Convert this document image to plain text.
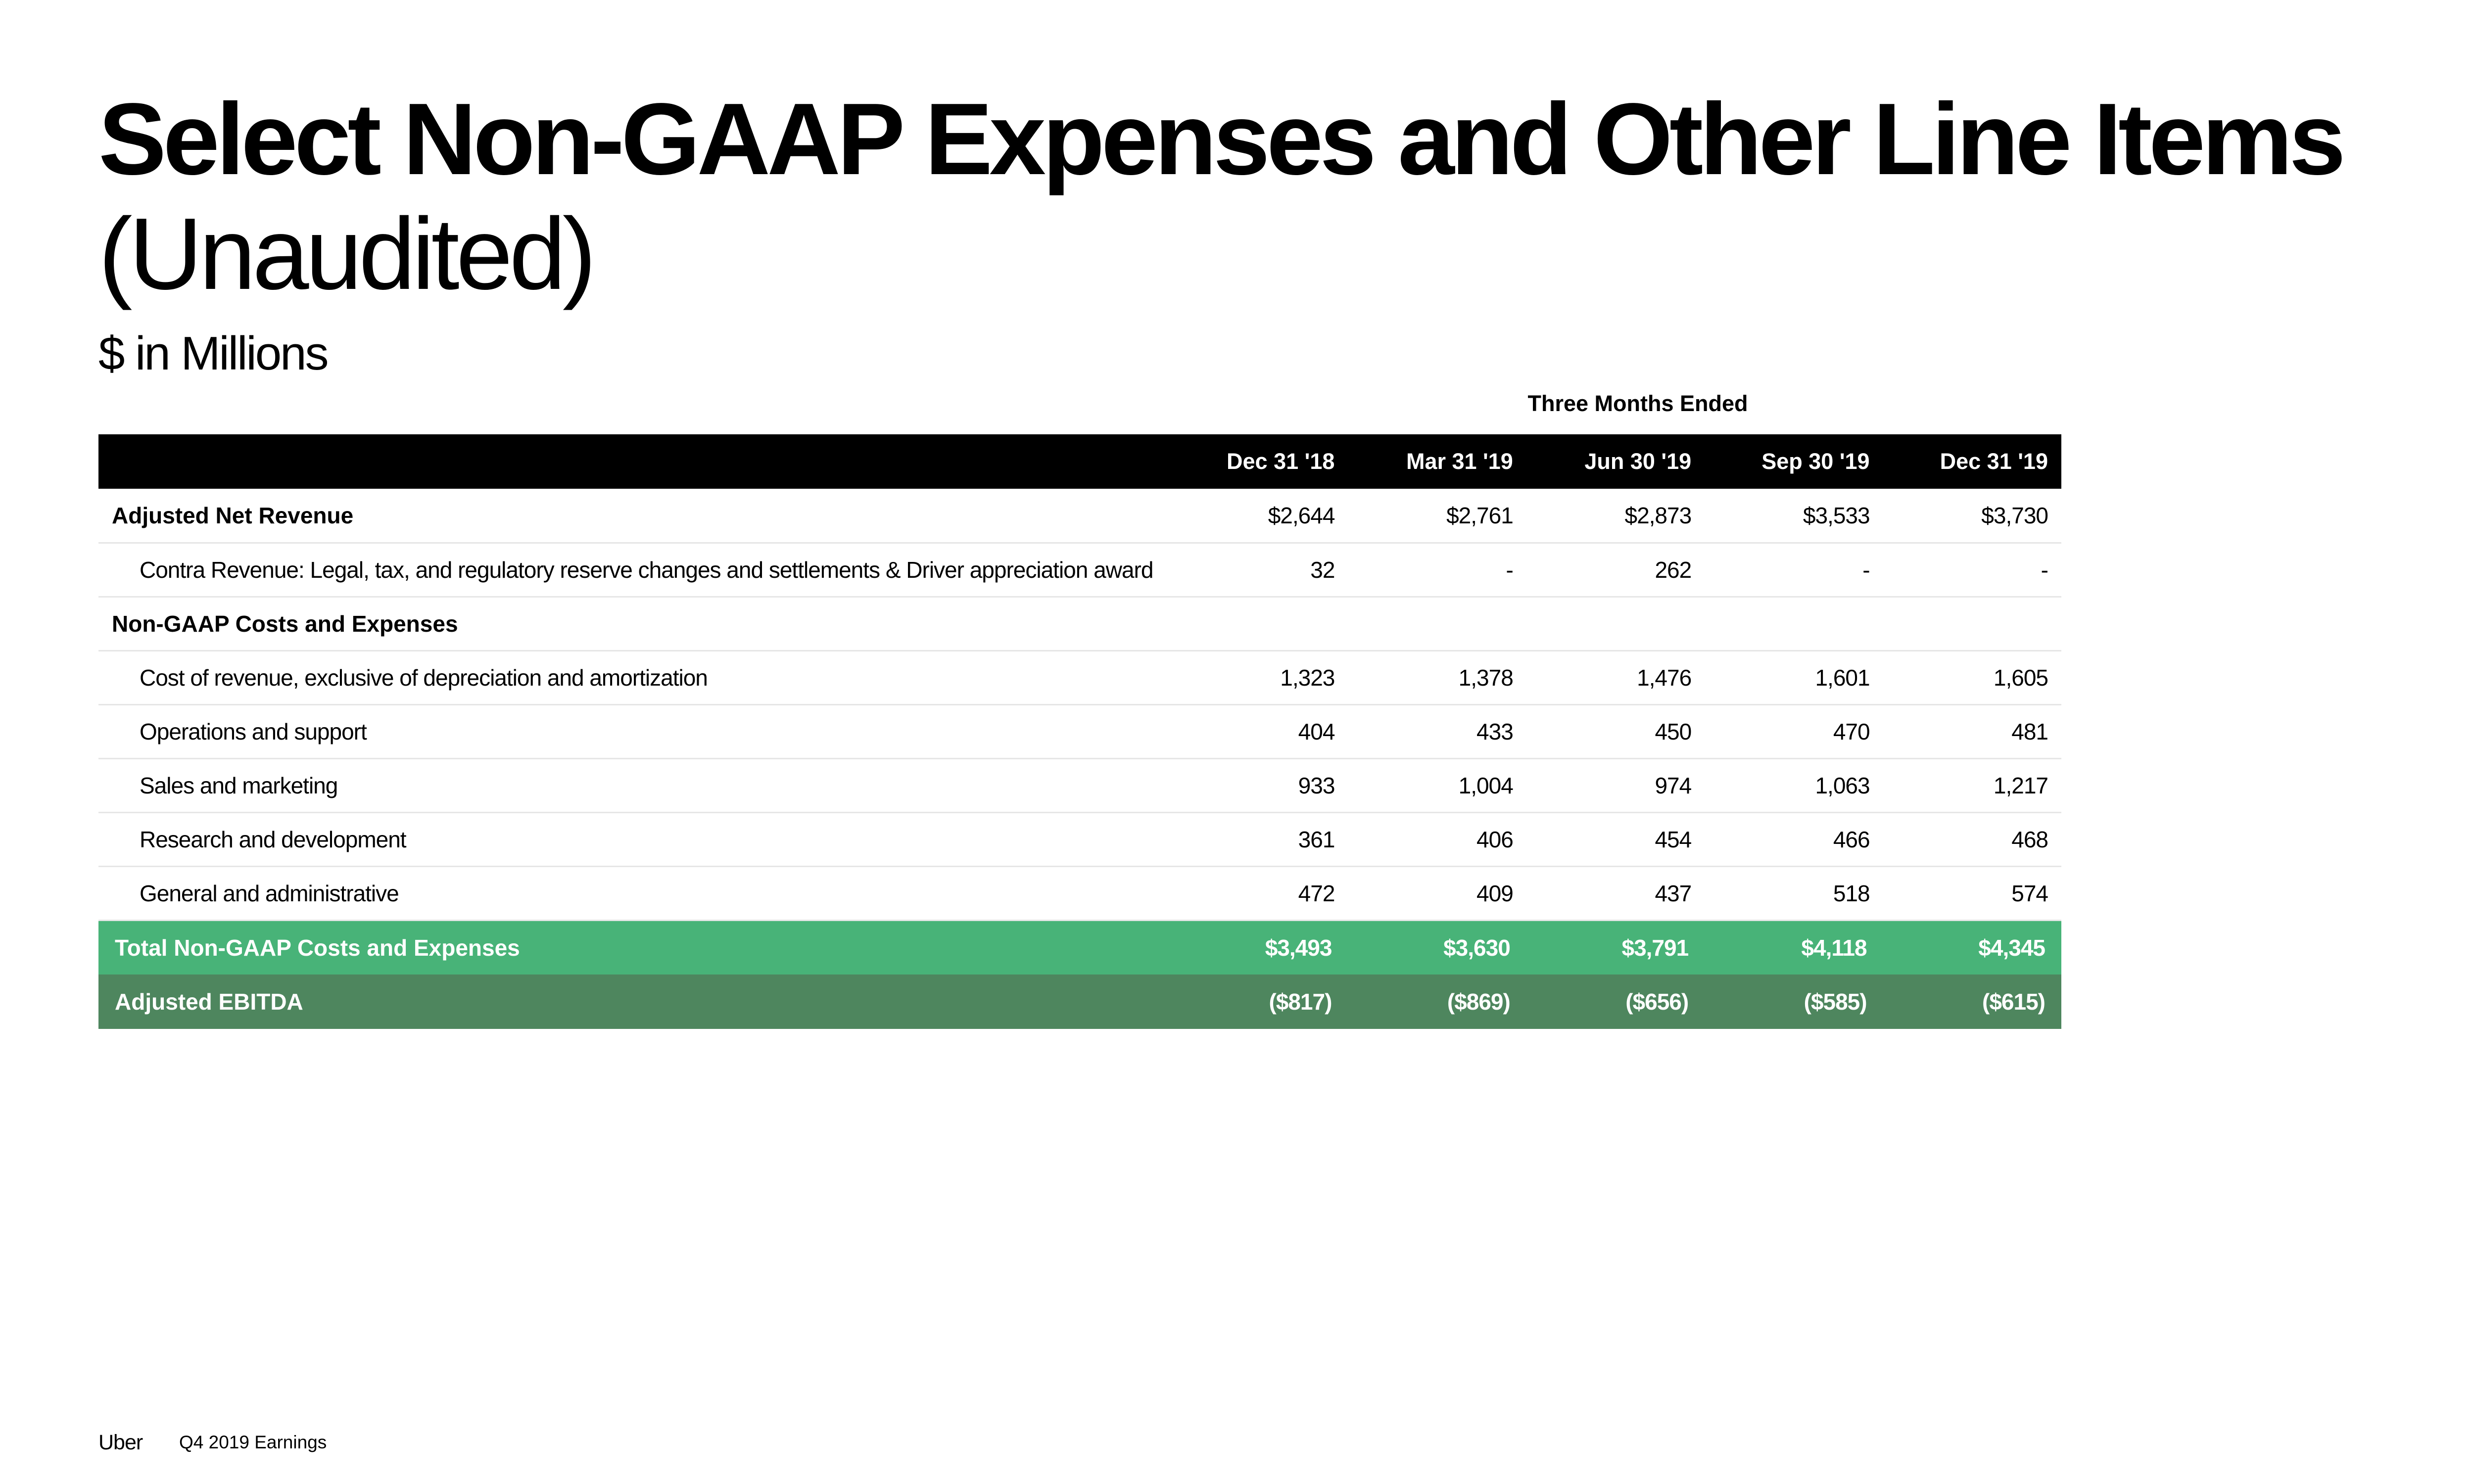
Select Non-GAAP Expenses and Other Line Items
(Unaudited)
$ in Millions
Three Months Ended
	Dec 31 '18	Mar 31 '19	Jun 30 '19	Sep 30 '19	Dec 31 '19
Adjusted Net Revenue	$2,644	$2,761	$2,873	$3,533	$3,730
Contra Revenue: Legal, tax, and regulatory reserve changes and settlements & Driver appreciation award	32	-	262	-	-
Non-GAAP Costs and Expenses					
Cost of revenue, exclusive of depreciation and amortization	1,323	1,378	1,476	1,601	1,605
Operations and support	404	433	450	470	481
Sales and marketing	933	1,004	974	1,063	1,217
Research and development	361	406	454	466	468
General and administrative	472	409	437	518	574
Total Non-GAAP Costs and Expenses	$3,493	$3,630	$3,791	$4,118	$4,345
Adjusted EBITDA	($817)	($869)	($656)	($585)	($615)
Uber Q4 2019 Earnings
